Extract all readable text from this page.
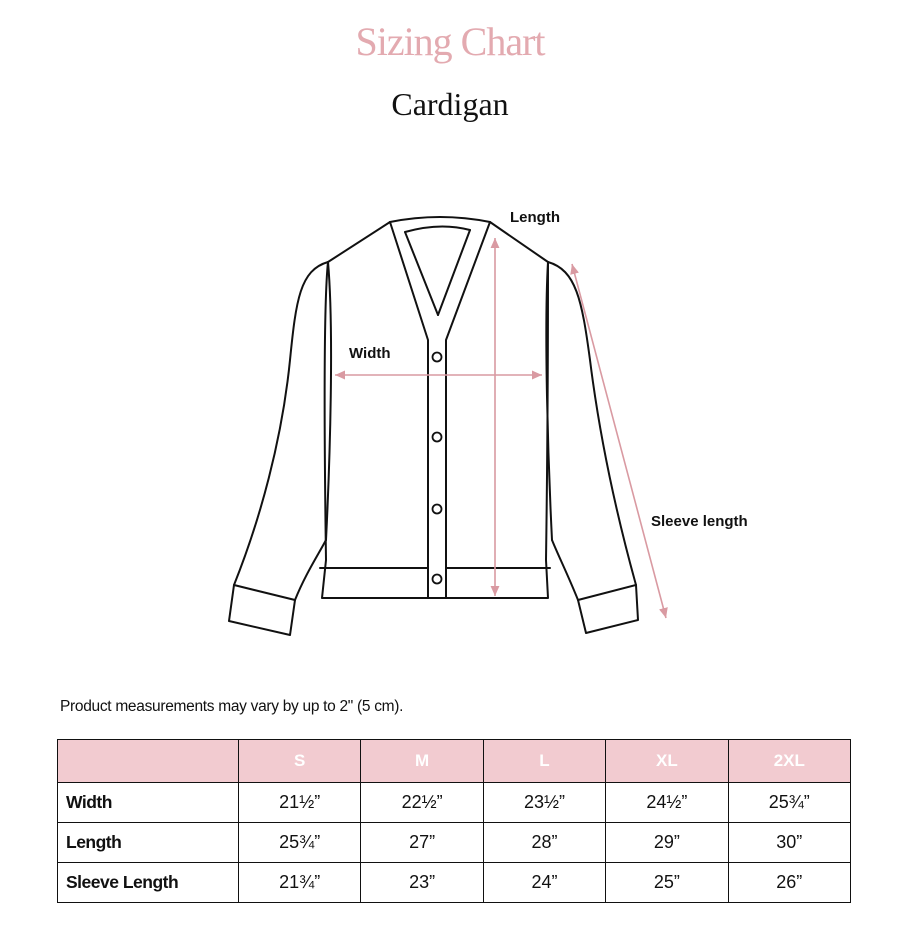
Sizing Chart
Cardigan
Length
Width
Sleeve length
Product measurements may vary by up to 2" (5 cm).
	S	M	L	XL	2XL
Width	21½”	22½”	23½”	24½”	25¾”
Length	25¾”	27”	28”	29”	30”
Sleeve Length	21¾”	23”	24”	25”	26”
